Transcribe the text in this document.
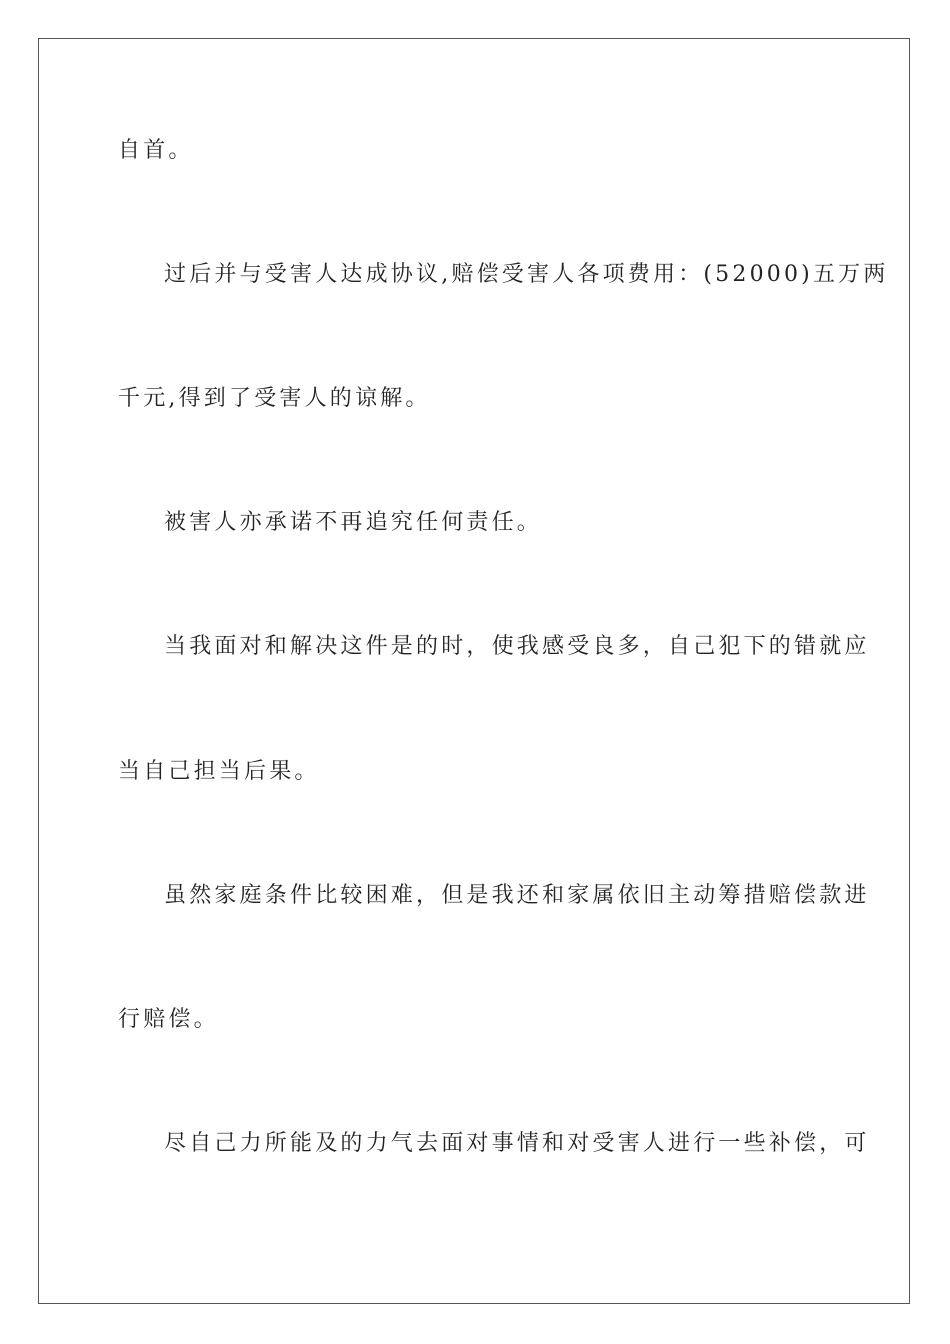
自首。
过后并与受害人达成协议,赔偿受害人各项费用：(52000)五万两
千元,得到了受害人的谅解。
被害人亦承诺不再追究任何责任。
当我面对和解决这件是的时，使我感受良多，自己犯下的错就应
当自己担当后果。
虽然家庭条件比较困难，但是我还和家属依旧主动筹措赔偿款进
行赔偿。
尽自己力所能及的力气去面对事情和对受害人进行一些补偿，可
